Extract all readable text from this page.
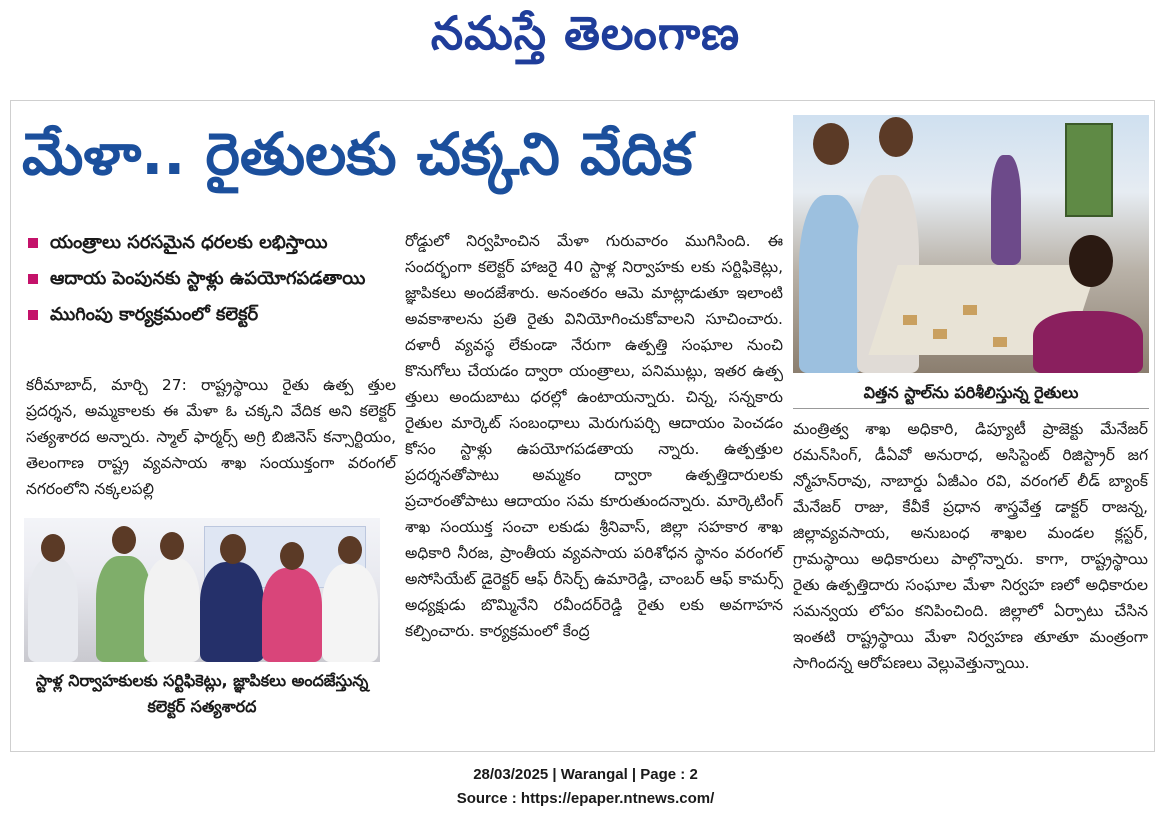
నమస్తే తెలంగాణ
మేళా.. రైతులకు చక్కని వేదిక
యంత్రాలు సరసమైన ధరలకు లభిస్తాయి
ఆదాయ పెంపునకు స్టాళ్లు ఉపయోగపడతాయి
ముగింపు కార్యక్రమంలో కలెక్టర్

కరీమాబాద్, మార్చి 27: రాష్ట్రస్థాయి రైతు ఉత్ప త్తుల ప్రదర్శన, అమ్మకాలకు ఈ మేళా ఓ చక్కని వేదిక అని కలెక్టర్ సత్యశారద అన్నారు. స్మాల్ ఫార్మర్స్ అగ్రి బిజినెస్ కన్సార్టియం, తెలంగాణ రాష్ట్ర వ్యవసాయ శాఖ సంయుక్తంగా వరంగల్ నగరంలోని నక్కలపల్లి

స్టాళ్ల నిర్వాహకులకు సర్టిఫికెట్లు, జ్ఞాపికలు అందజేస్తున్న కలెక్టర్ సత్యశారద

రోడ్డులో నిర్వహించిన మేళా గురువారం ముగిసింది. ఈ సందర్భంగా కలెక్టర్ హాజరై 40 స్టాళ్ల నిర్వాహకు లకు సర్టిఫికెట్లు, జ్ఞాపికలు అందజేశారు. అనంతరం ఆమె మాట్లాడుతూ ఇలాంటి అవకాశాలను ప్రతి రైతు వినియోగించుకోవాలని సూచించారు. దళారీ వ్యవస్థ లేకుండా నేరుగా ఉత్పత్తి సంఘాల నుంచి కొనుగోలు చేయడం ద్వారా యంత్రాలు, పనిముట్లు, ఇతర ఉత్ప త్తులు అందుబాటు ధరల్లో ఉంటాయన్నారు. చిన్న, సన్నకారు రైతుల మార్కెట్ సంబంధాలు మెరుగుపర్చి ఆదాయం పెంచడం కోసం స్టాళ్లు ఉపయోగపడతాయ న్నారు. ఉత్పత్తుల ప్రదర్శనతోపాటు అమ్మకం ద్వారా ఉత్పత్తిదారులకు ప్రచారంతోపాటు ఆదాయం సమ కూరుతుందన్నారు. మార్కెటింగ్ శాఖ సంయుక్త సంచా లకుడు శ్రీనివాస్, జిల్లా సహకార శాఖ అధికారి నీరజ, ప్రాంతీయ వ్యవసాయ పరిశోధన స్థానం వరంగల్ అసోసియేట్ డైరెక్టర్ ఆఫ్ రీసెర్చ్ ఉమారెడ్డి, చాంబర్ ఆఫ్ కామర్స్ అధ్యక్షుడు బొమ్మినేని రవీందర్‌రెడ్డి రైతు లకు అవగాహన కల్పించారు. కార్యక్రమంలో కేంద్ర

విత్తన స్టాల్‌ను పరిశీలిస్తున్న రైతులు

మంత్రిత్వ శాఖ అధికారి, డిప్యూటీ ప్రాజెక్టు మేనేజర్ రమన్‌సింగ్, డీఏవో అనురాధ, అసిస్టెంట్ రిజిస్ట్రార్ జగ న్మోహన్‌రావు, నాబార్డు ఏజీఎం రవి, వరంగల్ లీడ్ బ్యాంక్ మేనేజర్ రాజు, కేవీకే ప్రధాన శాస్త్రవేత్త డాక్టర్ రాజన్న, జిల్లావ్యవసాయ, అనుబంధ శాఖల మండల క్లస్టర్, గ్రామస్థాయి అధికారులు పాల్గొన్నారు. కాగా, రాష్ట్రస్థాయి రైతు ఉత్పత్తిదారు సంఘాల మేళా నిర్వహ ణలో అధికారుల సమన్వయ లోపం కనిపించింది. జిల్లాలో ఏర్పాటు చేసిన ఇంతటి రాష్ట్రస్థాయి మేళా నిర్వహణ తూతూ మంత్రంగా సాగిందన్న ఆరోపణలు వెల్లువెత్తున్నాయి.

28/03/2025 | Warangal | Page : 2
Source : https://epaper.ntnews.com/
